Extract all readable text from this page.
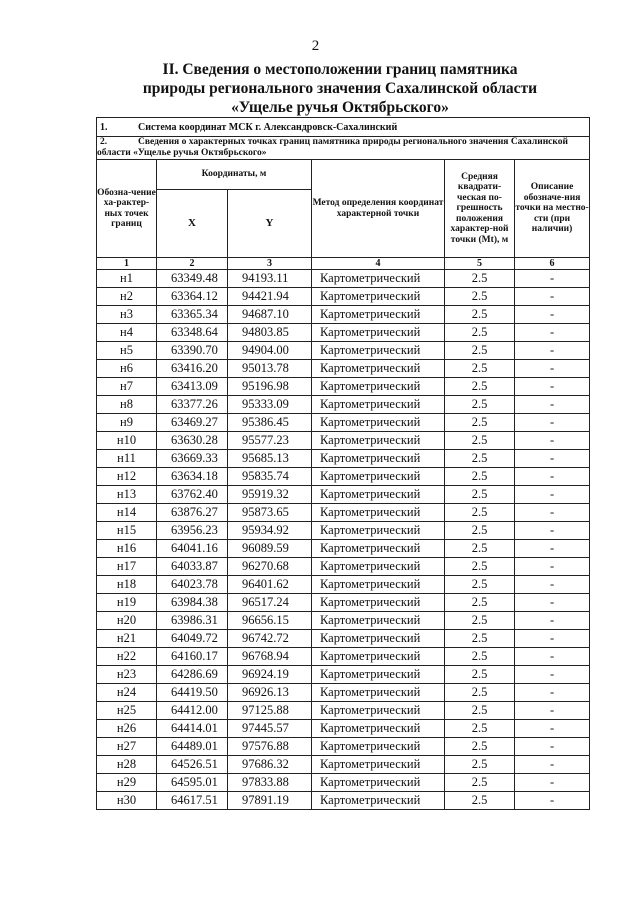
2
II. Сведения о местоположении границ памятника
природы регионального значения Сахалинской области
«Ущелье ручья Октябрьского»
1. Система координат МСК г. Александровск-Сахалинский					
2. Сведения о характерных точках границ памятника природы регионального значения Сахалинской области «Ущелье ручья Октябрьского»					
Обозна-чение ха-рактер-ных точек границ	Координаты, м		Метод определения координат характерной точки	Средняя квадрати-ческая по-грешность положения характер-ной точки (Mt), м	Описание обозначе-ния точки на местно-сти (при наличии)
	X	Y			
1	2	3	4	5	6
н1	63349.48	94193.11	Картометрический	2.5	-
н2	63364.12	94421.94	Картометрический	2.5	-
н3	63365.34	94687.10	Картометрический	2.5	-
н4	63348.64	94803.85	Картометрический	2.5	-
н5	63390.70	94904.00	Картометрический	2.5	-
н6	63416.20	95013.78	Картометрический	2.5	-
н7	63413.09	95196.98	Картометрический	2.5	-
н8	63377.26	95333.09	Картометрический	2.5	-
н9	63469.27	95386.45	Картометрический	2.5	-
н10	63630.28	95577.23	Картометрический	2.5	-
н11	63669.33	95685.13	Картометрический	2.5	-
н12	63634.18	95835.74	Картометрический	2.5	-
н13	63762.40	95919.32	Картометрический	2.5	-
н14	63876.27	95873.65	Картометрический	2.5	-
н15	63956.23	95934.92	Картометрический	2.5	-
н16	64041.16	96089.59	Картометрический	2.5	-
н17	64033.87	96270.68	Картометрический	2.5	-
н18	64023.78	96401.62	Картометрический	2.5	-
н19	63984.38	96517.24	Картометрический	2.5	-
н20	63986.31	96656.15	Картометрический	2.5	-
н21	64049.72	96742.72	Картометрический	2.5	-
н22	64160.17	96768.94	Картометрический	2.5	-
н23	64286.69	96924.19	Картометрический	2.5	-
н24	64419.50	96926.13	Картометрический	2.5	-
н25	64412.00	97125.88	Картометрический	2.5	-
н26	64414.01	97445.57	Картометрический	2.5	-
н27	64489.01	97576.88	Картометрический	2.5	-
н28	64526.51	97686.32	Картометрический	2.5	-
н29	64595.01	97833.88	Картометрический	2.5	-
н30	64617.51	97891.19	Картометрический	2.5	-
